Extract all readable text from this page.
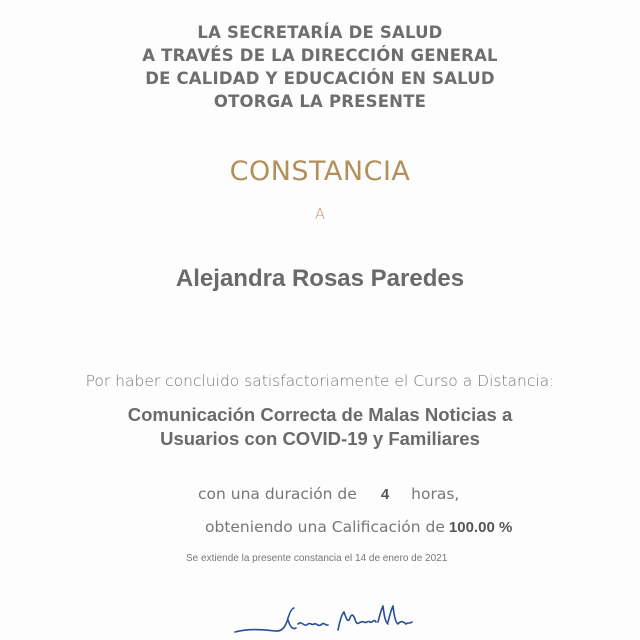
LA SECRETARÍA DE SALUD
A TRAVÉS DE LA DIRECCIÓN GENERAL
DE CALIDAD Y EDUCACIÓN EN SALUD
OTORGA LA PRESENTE
CONSTANCIA
A
Alejandra Rosas Paredes
Por haber concluido satisfactoriamente el Curso a Distancia:
Comunicación Correcta de Malas Noticias a
Usuarios con COVID-19 y Familiares
con una duración de 4 horas,
obteniendo una Calificación de 100.00 %
Se extiende la presente constancia el 14 de enero de 2021
